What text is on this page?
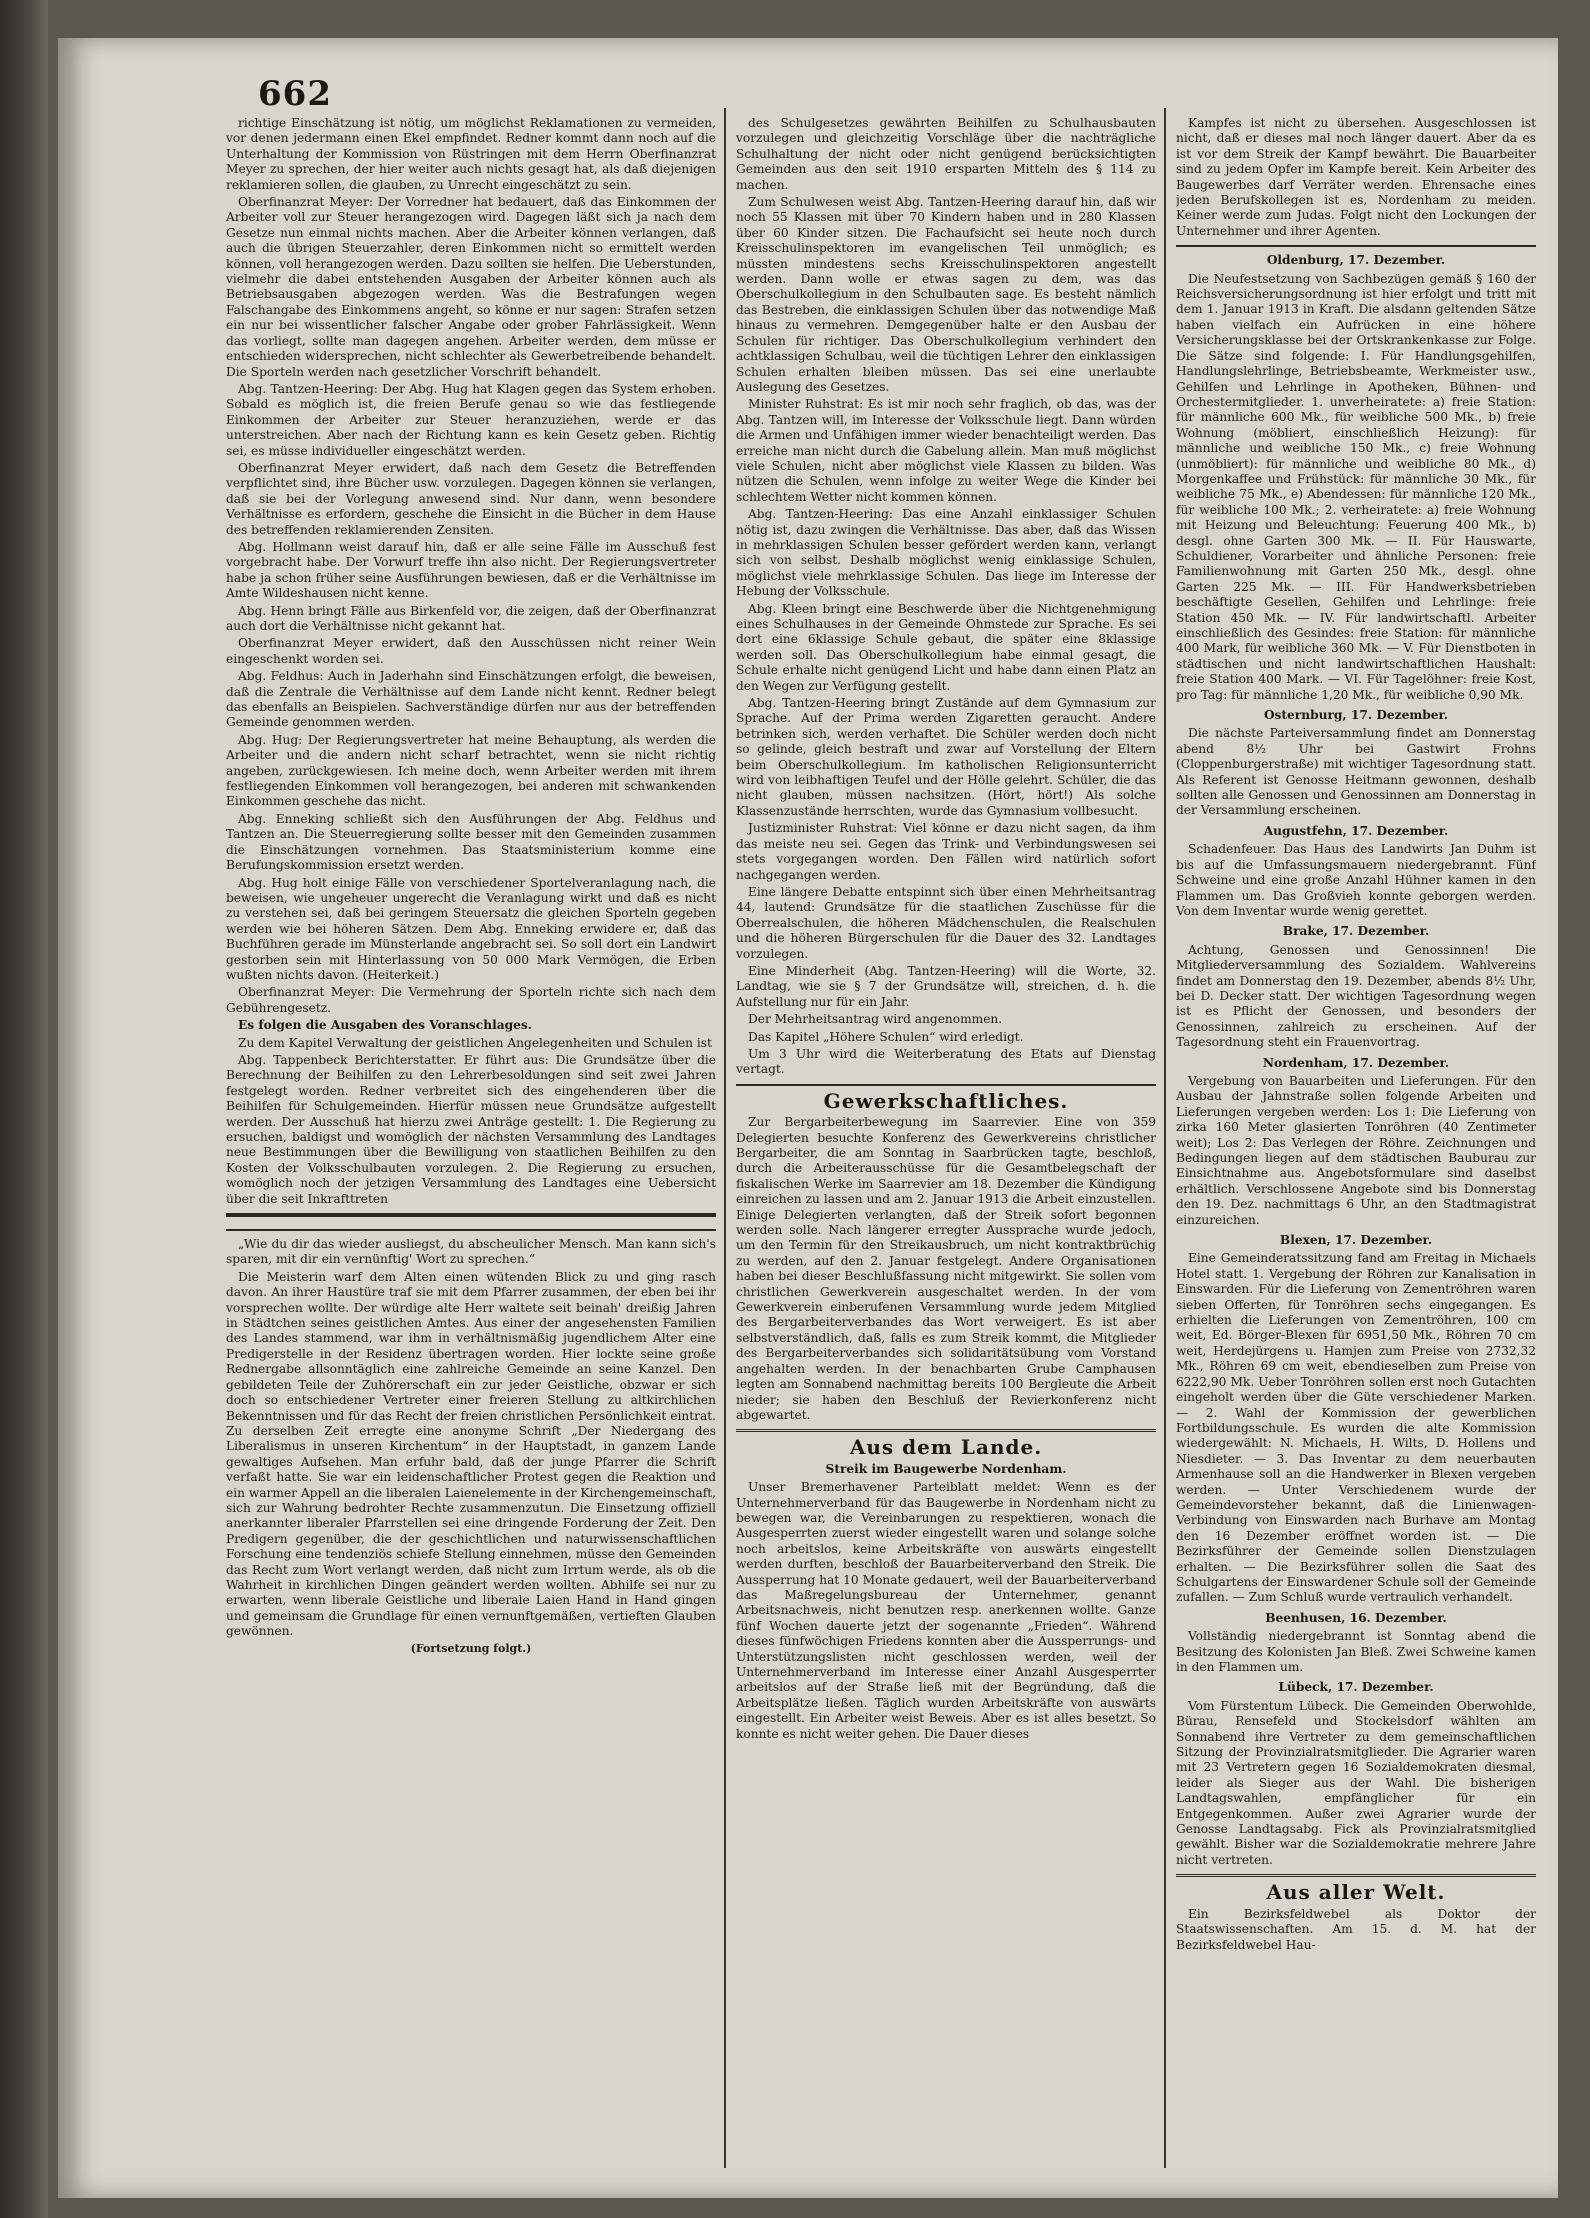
662

richtige Einschätzung ist nötig, um möglichst Reklamationen zu vermeiden, vor denen jedermann einen Ekel empfindet. Redner kommt dann noch auf die Unterhaltung der Kommission von Rüstringen mit dem Herrn Oberfinanzrat Meyer zu sprechen, der hier weiter auch nichts gesagt hat, als daß diejenigen reklamieren sollen, die glauben, zu Unrecht eingeschätzt zu sein.

Oberfinanzrat Meyer: Der Vorredner hat bedauert, daß das Einkommen der Arbeiter voll zur Steuer herangezogen wird. Dagegen läßt sich ja nach dem Gesetze nun einmal nichts machen. Aber die Arbeiter können verlangen, daß auch die übrigen Steuerzahler, deren Einkommen nicht so ermittelt werden können, voll herangezogen werden. Dazu sollten sie helfen. Die Ueberstunden, vielmehr die dabei entstehenden Ausgaben der Arbeiter können auch als Betriebsausgaben abgezogen werden. Was die Bestrafungen wegen Falschangabe des Einkommens angeht, so könne er nur sagen: Strafen setzen ein nur bei wissentlicher falscher Angabe oder grober Fahrlässigkeit. Wenn das vorliegt, sollte man dagegen angehen. Arbeiter werden, dem müsse er entschieden widersprechen, nicht schlechter als Gewerbetreibende behandelt. Die Sporteln werden nach gesetzlicher Vorschrift behandelt.

Abg. Tantzen-Heering: Der Abg. Hug hat Klagen gegen das System erhoben. Sobald es möglich ist, die freien Berufe genau so wie das festliegende Einkommen der Arbeiter zur Steuer heranzuziehen, werde er das unterstreichen. Aber nach der Richtung kann es kein Gesetz geben. Richtig sei, es müsse individueller eingeschätzt werden.

Oberfinanzrat Meyer erwidert, daß nach dem Gesetz die Betreffenden verpflichtet sind, ihre Bücher usw. vorzulegen. Dagegen können sie verlangen, daß sie bei der Vorlegung anwesend sind. Nur dann, wenn besondere Verhältnisse es erfordern, geschehe die Einsicht in die Bücher in dem Hause des betreffenden reklamierenden Zensiten.

Abg. Hollmann weist darauf hin, daß er alle seine Fälle im Ausschuß fest vorgebracht habe. Der Vorwurf treffe ihn also nicht. Der Regierungsvertreter habe ja schon früher seine Ausführungen bewiesen, daß er die Verhältnisse im Amte Wildeshausen nicht kenne.

Abg. Henn bringt Fälle aus Birkenfeld vor, die zeigen, daß der Oberfinanzrat auch dort die Verhältnisse nicht gekannt hat.

Oberfinanzrat Meyer erwidert, daß den Ausschüssen nicht reiner Wein eingeschenkt worden sei.

Abg. Feldhus: Auch in Jaderhahn sind Einschätzungen erfolgt, die beweisen, daß die Zentrale die Verhältnisse auf dem Lande nicht kennt. Redner belegt das ebenfalls an Beispielen. Sachverständige dürfen nur aus der betreffenden Gemeinde genommen werden.

Abg. Hug: Der Regierungsvertreter hat meine Behauptung, als werden die Arbeiter und die andern nicht scharf betrachtet, wenn sie nicht richtig angeben, zurückgewiesen. Ich meine doch, wenn Arbeiter werden mit ihrem festliegenden Einkommen voll herangezogen, bei anderen mit schwankenden Einkommen geschehe das nicht.

Abg. Enneking schließt sich den Ausführungen der Abg. Feldhus und Tantzen an. Die Steuerregierung sollte besser mit den Gemeinden zusammen die Einschätzungen vornehmen. Das Staatsministerium komme eine Berufungskommission ersetzt werden.

Abg. Hug holt einige Fälle von verschiedener Sportelveranlagung nach, die beweisen, wie ungeheuer ungerecht die Veranlagung wirkt und daß es nicht zu verstehen sei, daß bei geringem Steuersatz die gleichen Sporteln gegeben werden wie bei höheren Sätzen. Dem Abg. Enneking erwidere er, daß das Buchführen gerade im Münsterlande angebracht sei. So soll dort ein Landwirt gestorben sein mit Hinterlassung von 50 000 Mark Vermögen, die Erben wußten nichts davon. (Heiterkeit.)

Oberfinanzrat Meyer: Die Vermehrung der Sporteln richte sich nach dem Gebührengesetz.

Es folgen die Ausgaben des Voranschlages.

Zu dem Kapitel Verwaltung der geistlichen Angelegenheiten und Schulen ist

Abg. Tappenbeck Berichterstatter. Er führt aus: Die Grundsätze über die Berechnung der Beihilfen zu den Lehrerbesoldungen sind seit zwei Jahren festgelegt worden. Redner verbreitet sich des eingehenderen über die Beihilfen für Schulgemeinden. Hierfür müssen neue Grundsätze aufgestellt werden. Der Ausschuß hat hierzu zwei Anträge gestellt: 1. Die Regierung zu ersuchen, baldigst und womöglich der nächsten Versammlung des Landtages neue Bestimmungen über die Bewilligung von staatlichen Beihilfen zu den Kosten der Volksschulbauten vorzulegen. 2. Die Regierung zu ersuchen, womöglich noch der jetzigen Versammlung des Landtages eine Uebersicht über die seit Inkrafttreten

„Wie du dir das wieder ausliegst, du abscheulicher Mensch. Man kann sich's sparen, mit dir ein vernünftig' Wort zu sprechen.“

Die Meisterin warf dem Alten einen wütenden Blick zu und ging rasch davon. An ihrer Haustüre traf sie mit dem Pfarrer zusammen, der eben bei ihr vorsprechen wollte. Der würdige alte Herr waltete seit beinah' dreißig Jahren in Städtchen seines geistlichen Amtes. Aus einer der angesehensten Familien des Landes stammend, war ihm in verhältnismäßig jugendlichem Alter eine Predigerstelle in der Residenz übertragen worden. Hier lockte seine große Rednergabe allsonntäglich eine zahlreiche Gemeinde an seine Kanzel. Den gebildeten Teile der Zuhörerschaft ein zur jeder Geistliche, obzwar er sich doch so entschiedener Vertreter einer freieren Stellung zu altkirchlichen Bekenntnissen und für das Recht der freien christlichen Persönlichkeit eintrat. Zu derselben Zeit erregte eine anonyme Schrift „Der Niedergang des Liberalismus in unseren Kirchentum“ in der Hauptstadt, in ganzem Lande gewaltiges Aufsehen. Man erfuhr bald, daß der junge Pfarrer die Schrift verfaßt hatte. Sie war ein leidenschaftlicher Protest gegen die Reaktion und ein warmer Appell an die liberalen Laienelemente in der Kirchengemeinschaft, sich zur Wahrung bedrohter Rechte zusammenzutun. Die Einsetzung offiziell anerkannter liberaler Pfarrstellen sei eine dringende Forderung der Zeit. Den Predigern gegenüber, die der geschichtlichen und naturwissenschaftlichen Forschung eine tendenziös schiefe Stellung einnehmen, müsse den Gemeinden das Recht zum Wort verlangt werden, daß nicht zum Irrtum werde, als ob die Wahrheit in kirchlichen Dingen geändert werden wollten. Abhilfe sei nur zu erwarten, wenn liberale Geistliche und liberale Laien Hand in Hand gingen und gemeinsam die Grundlage für einen vernunftgemäßen, vertieften Glauben gewönnen.

(Fortsetzung folgt.)

des Schulgesetzes gewährten Beihilfen zu Schulhausbauten vorzulegen und gleichzeitig Vorschläge über die nachträgliche Schulhaltung der nicht oder nicht genügend berücksichtigten Gemeinden aus den seit 1910 ersparten Mitteln des § 114 zu machen.

Zum Schulwesen weist Abg. Tantzen-Heering darauf hin, daß wir noch 55 Klassen mit über 70 Kindern haben und in 280 Klassen über 60 Kinder sitzen. Die Fachaufsicht sei heute noch durch Kreisschulinspektoren im evangelischen Teil unmöglich; es müssten mindestens sechs Kreisschulinspektoren angestellt werden. Dann wolle er etwas sagen zu dem, was das Oberschulkollegium in den Schulbauten sage. Es besteht nämlich das Bestreben, die einklassigen Schulen über das notwendige Maß hinaus zu vermehren. Demgegenüber halte er den Ausbau der Schulen für richtiger. Das Oberschulkollegium verhindert den achtklassigen Schulbau, weil die tüchtigen Lehrer den einklassigen Schulen erhalten bleiben müssen. Das sei eine unerlaubte Auslegung des Gesetzes.

Minister Ruhstrat: Es ist mir noch sehr fraglich, ob das, was der Abg. Tantzen will, im Interesse der Volksschule liegt. Dann würden die Armen und Unfähigen immer wieder benachteiligt werden. Das erreiche man nicht durch die Gabelung allein. Man muß möglichst viele Schulen, nicht aber möglichst viele Klassen zu bilden. Was nützen die Schulen, wenn infolge zu weiter Wege die Kinder bei schlechtem Wetter nicht kommen können.

Abg. Tantzen-Heering: Das eine Anzahl einklassiger Schulen nötig ist, dazu zwingen die Verhältnisse. Das aber, daß das Wissen in mehrklassigen Schulen besser gefördert werden kann, verlangt sich von selbst. Deshalb möglichst wenig einklassige Schulen, möglichst viele mehrklassige Schulen. Das liege im Interesse der Hebung der Volksschule.

Abg. Kleen bringt eine Beschwerde über die Nichtgenehmigung eines Schulhauses in der Gemeinde Ohmstede zur Sprache. Es sei dort eine 6klassige Schule gebaut, die später eine 8klassige werden soll. Das Oberschulkollegium habe einmal gesagt, die Schule erhalte nicht genügend Licht und habe dann einen Platz an den Wegen zur Verfügung gestellt.

Abg. Tantzen-Heering bringt Zustände auf dem Gymnasium zur Sprache. Auf der Prima werden Zigaretten geraucht. Andere betrinken sich, werden verhaftet. Die Schüler werden doch nicht so gelinde, gleich bestraft und zwar auf Vorstellung der Eltern beim Oberschulkollegium. Im katholischen Religionsunterricht wird von leibhaftigen Teufel und der Hölle gelehrt. Schüler, die das nicht glauben, müssen nachsitzen. (Hört, hört!) Als solche Klassenzustände herrschten, wurde das Gymnasium vollbesucht.

Justizminister Ruhstrat: Viel könne er dazu nicht sagen, da ihm das meiste neu sei. Gegen das Trink- und Verbindungswesen sei stets vorgegangen worden. Den Fällen wird natürlich sofort nachgegangen werden.

Eine längere Debatte entspinnt sich über einen Mehrheitsantrag 44, lautend: Grundsätze für die staatlichen Zuschüsse für die Oberrealschulen, die höheren Mädchenschulen, die Realschulen und die höheren Bürgerschulen für die Dauer des 32. Landtages vorzulegen.

Eine Minderheit (Abg. Tantzen-Heering) will die Worte, 32. Landtag, wie sie § 7 der Grundsätze will, streichen, d. h. die Aufstellung nur für ein Jahr.

Der Mehrheitsantrag wird angenommen.

Das Kapitel „Höhere Schulen“ wird erledigt.

Um 3 Uhr wird die Weiterberatung des Etats auf Dienstag vertagt.

Gewerkschaftliches.

Zur Bergarbeiterbewegung im Saarrevier. Eine von 359 Delegierten besuchte Konferenz des Gewerkvereins christlicher Bergarbeiter, die am Sonntag in Saarbrücken tagte, beschloß, durch die Arbeiterausschüsse für die Gesamtbelegschaft der fiskalischen Werke im Saarrevier am 18. Dezember die Kündigung einreichen zu lassen und am 2. Januar 1913 die Arbeit einzustellen. Einige Delegierten verlangten, daß der Streik sofort begonnen werden solle. Nach längerer erregter Aussprache wurde jedoch, um den Termin für den Streikausbruch, um nicht kontraktbrüchig zu werden, auf den 2. Januar festgelegt. Andere Organisationen haben bei dieser Beschlußfassung nicht mitgewirkt. Sie sollen vom christlichen Gewerkverein ausgeschaltet werden. In der vom Gewerkverein einberufenen Versammlung wurde jedem Mitglied des Bergarbeiterverbandes das Wort verweigert. Es ist aber selbstverständlich, daß, falls es zum Streik kommt, die Mitglieder des Bergarbeiterverbandes sich solidaritätsübung vom Vorstand angehalten werden. In der benachbarten Grube Camphausen legten am Sonnabend nachmittag bereits 100 Bergleute die Arbeit nieder; sie haben den Beschluß der Revierkonferenz nicht abgewartet.

Aus dem Lande.
Streik im Baugewerbe Nordenham.

Unser Bremerhavener Parteiblatt meldet: Wenn es der Unternehmerverband für das Baugewerbe in Nordenham nicht zu bewegen war, die Vereinbarungen zu respektieren, wonach die Ausgesperrten zuerst wieder eingestellt waren und solange solche noch arbeitslos, keine Arbeitskräfte von auswärts eingestellt werden durften, beschloß der Bauarbeiterverband den Streik. Die Aussperrung hat 10 Monate gedauert, weil der Bauarbeiterverband das Maßregelungsbureau der Unternehmer, genannt Arbeitsnachweis, nicht benutzen resp. anerkennen wollte. Ganze fünf Wochen dauerte jetzt der sogenannte „Frieden“. Während dieses fünfwöchigen Friedens konnten aber die Aussperrungs- und Unterstützungslisten nicht geschlossen werden, weil der Unternehmerverband im Interesse einer Anzahl Ausgesperrter arbeitslos auf der Straße ließ mit der Begründung, daß die Arbeitsplätze ließen. Täglich wurden Arbeitskräfte von auswärts eingestellt. Ein Arbeiter weist Beweis. Aber es ist alles besetzt. So konnte es nicht weiter gehen. Die Dauer dieses

Kampfes ist nicht zu übersehen. Ausgeschlossen ist nicht, daß er dieses mal noch länger dauert. Aber da es ist vor dem Streik der Kampf bewährt. Die Bauarbeiter sind zu jedem Opfer im Kampfe bereit. Kein Arbeiter des Baugewerbes darf Verräter werden. Ehrensache eines jeden Berufskollegen ist es, Nordenham zu meiden. Keiner werde zum Judas. Folgt nicht den Lockungen der Unternehmer und ihrer Agenten.

Oldenburg, 17. Dezember.

Die Neufestsetzung von Sachbezügen gemäß § 160 der Reichsversicherungsordnung ist hier erfolgt und tritt mit dem 1. Januar 1913 in Kraft. Die alsdann geltenden Sätze haben vielfach ein Aufrücken in eine höhere Versicherungsklasse bei der Ortskrankenkasse zur Folge. Die Sätze sind folgende: I. Für Handlungsgehilfen, Handlungslehrlinge, Betriebsbeamte, Werkmeister usw., Gehilfen und Lehrlinge in Apotheken, Bühnen- und Orchestermitglieder. 1. unverheiratete: a) freie Station: für männliche 600 Mk., für weibliche 500 Mk., b) freie Wohnung (möbliert, einschließlich Heizung): für männliche und weibliche 150 Mk., c) freie Wohnung (unmöbliert): für männliche und weibliche 80 Mk., d) Morgenkaffee und Frühstück: für männliche 30 Mk., für weibliche 75 Mk., e) Abendessen: für männliche 120 Mk., für weibliche 100 Mk.; 2. verheiratete: a) freie Wohnung mit Heizung und Beleuchtung: Feuerung 400 Mk., b) desgl. ohne Garten 300 Mk. — II. Für Hauswarte, Schuldiener, Vorarbeiter und ähnliche Personen: freie Familienwohnung mit Garten 250 Mk., desgl. ohne Garten 225 Mk. — III. Für Handwerksbetrieben beschäftigte Gesellen, Gehilfen und Lehrlinge: freie Station 450 Mk. — IV. Für landwirtschaftl. Arbeiter einschließlich des Gesindes: freie Station: für männliche 400 Mark, für weibliche 360 Mk. — V. Für Dienstboten in städtischen und nicht landwirtschaftlichen Haushalt: freie Station 400 Mark. — VI. Für Tagelöhner: freie Kost, pro Tag: für männliche 1,20 Mk., für weibliche 0,90 Mk.

Osternburg, 17. Dezember.

Die nächste Parteiversammlung findet am Donnerstag abend 8½ Uhr bei Gastwirt Frohns (Cloppenburgerstraße) mit wichtiger Tagesordnung statt. Als Referent ist Genosse Heitmann gewonnen, deshalb sollten alle Genossen und Genossinnen am Donnerstag in der Versammlung erscheinen.

Augustfehn, 17. Dezember.

Schadenfeuer. Das Haus des Landwirts Jan Duhm ist bis auf die Umfassungsmauern niedergebrannt. Fünf Schweine und eine große Anzahl Hühner kamen in den Flammen um. Das Großvieh konnte geborgen werden. Von dem Inventar wurde wenig gerettet.

Brake, 17. Dezember.

Achtung, Genossen und Genossinnen! Die Mitgliederversammlung des Sozialdem. Wahlvereins findet am Donnerstag den 19. Dezember, abends 8½ Uhr, bei D. Decker statt. Der wichtigen Tagesordnung wegen ist es Pflicht der Genossen, und besonders der Genossinnen, zahlreich zu erscheinen. Auf der Tagesordnung steht ein Frauenvortrag.

Nordenham, 17. Dezember.

Vergebung von Bauarbeiten und Lieferungen. Für den Ausbau der Jahnstraße sollen folgende Arbeiten und Lieferungen vergeben werden: Los 1: Die Lieferung von zirka 160 Meter glasierten Tonröhren (40 Zentimeter weit); Los 2: Das Verlegen der Röhre. Zeichnungen und Bedingungen liegen auf dem städtischen Bauburau zur Einsichtnahme aus. Angebotsformulare sind daselbst erhältlich. Verschlossene Angebote sind bis Donnerstag den 19. Dez. nachmittags 6 Uhr, an den Stadtmagistrat einzureichen.

Blexen, 17. Dezember.

Eine Gemeinderatssitzung fand am Freitag in Michaels Hotel statt. 1. Vergebung der Röhren zur Kanalisation in Einswarden. Für die Lieferung von Zementröhren waren sieben Offerten, für Tonröhren sechs eingegangen. Es erhielten die Lieferungen von Zementröhren, 100 cm weit, Ed. Börger-Blexen für 6951,50 Mk., Röhren 70 cm weit, Herdejürgens u. Hamjen zum Preise von 2732,32 Mk., Röhren 69 cm weit, ebendieselben zum Preise von 6222,90 Mk. Ueber Tonröhren sollen erst noch Gutachten eingeholt werden über die Güte verschiedener Marken. — 2. Wahl der Kommission der gewerblichen Fortbildungsschule. Es wurden die alte Kommission wiedergewählt: N. Michaels, H. Wilts, D. Hollens und Niesdieter. — 3. Das Inventar zu dem neuerbauten Armenhause soll an die Handwerker in Blexen vergeben werden. — Unter Verschiedenem wurde der Gemeindevorsteher bekannt, daß die Linienwagen-Verbindung von Einswarden nach Burhave am Montag den 16 Dezember eröffnet worden ist. — Die Bezirksführer der Gemeinde sollen Dienstzulagen erhalten. — Die Bezirksführer sollen die Saat des Schulgartens der Einswardener Schule soll der Gemeinde zufallen. — Zum Schluß wurde vertraulich verhandelt.

Beenhusen, 16. Dezember.

Vollständig niedergebrannt ist Sonntag abend die Besitzung des Kolonisten Jan Bleß. Zwei Schweine kamen in den Flammen um.

Lübeck, 17. Dezember.

Vom Fürstentum Lübeck. Die Gemeinden Oberwohlde, Bürau, Rensefeld und Stockelsdorf wählten am Sonnabend ihre Vertreter zu dem gemeinschaftlichen Sitzung der Provinzialratsmitglieder. Die Agrarier waren mit 23 Vertretern gegen 16 Sozialdemokraten diesmal, leider als Sieger aus der Wahl. Die bisherigen Landtagswahlen, empfänglicher für ein Entgegenkommen. Außer zwei Agrarier wurde der Genosse Landtagsabg. Fick als Provinzialratsmitglied gewählt. Bisher war die Sozialdemokratie mehrere Jahre nicht vertreten.

Aus aller Welt.

Ein Bezirksfeldwebel als Doktor der Staatswissenschaften. Am 15. d. M. hat der Bezirksfeldwebel Hau-
